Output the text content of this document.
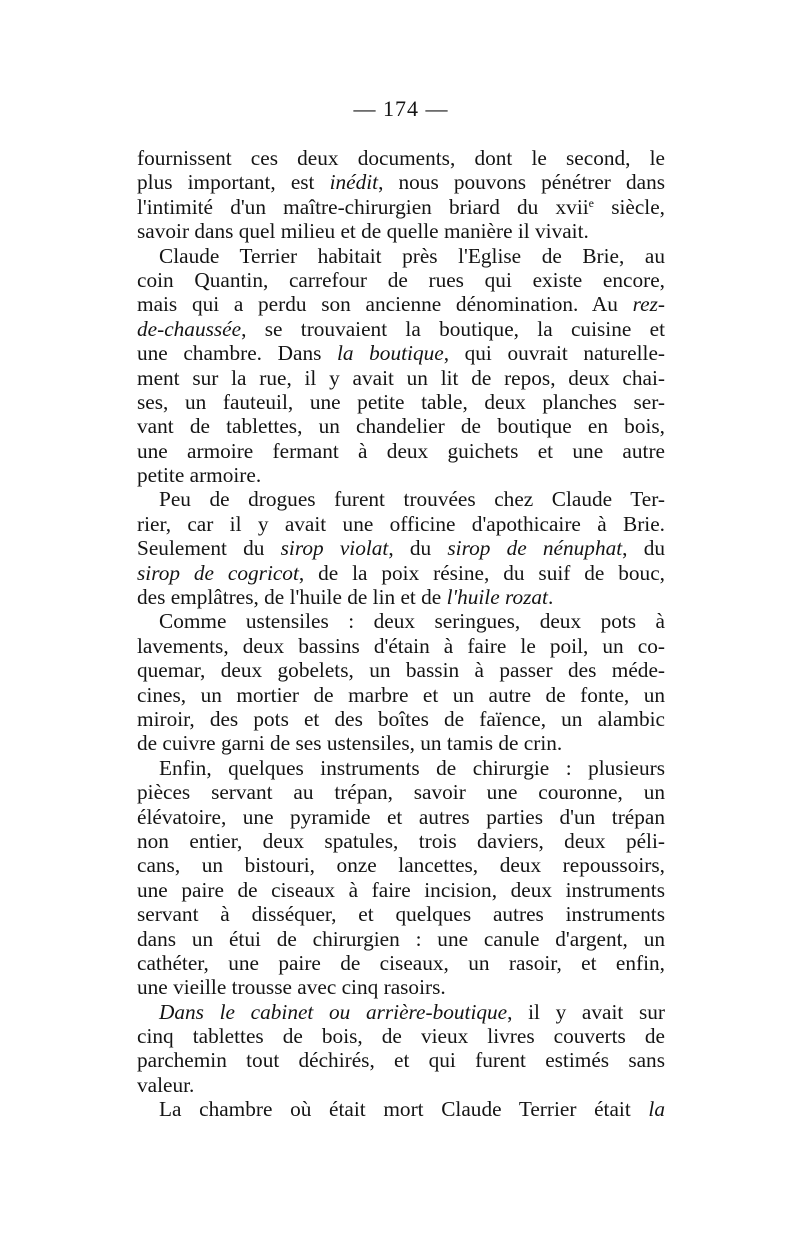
— 174 —
fournissent ces deux documents, dont le second, le
plus important, est inédit, nous pouvons pénétrer dans
l'intimité d'un maître-chirurgien briard du xvii$^e$ siècle,
savoir dans quel milieu et de quelle manière il vivait.
Claude Terrier habitait près l'Eglise de Brie, au
coin Quantin, carrefour de rues qui existe encore,
mais qui a perdu son ancienne dénomination. Au rez-
de-chaussée, se trouvaient la boutique, la cuisine et
une chambre. Dans la boutique, qui ouvrait naturelle-
ment sur la rue, il y avait un lit de repos, deux chai-
ses, un fauteuil, une petite table, deux planches ser-
vant de tablettes, un chandelier de boutique en bois,
une armoire fermant à deux guichets et une autre
petite armoire.
Peu de drogues furent trouvées chez Claude Ter-
rier, car il y avait une officine d'apothicaire à Brie.
Seulement du sirop violat, du sirop de nénuphat, du
sirop de cogricot, de la poix résine, du suif de bouc,
des emplâtres, de l'huile de lin et de l'huile rozat.
Comme ustensiles : deux seringues, deux pots à
lavements, deux bassins d'étain à faire le poil, un co-
quemar, deux gobelets, un bassin à passer des méde-
cines, un mortier de marbre et un autre de fonte, un
miroir, des pots et des boîtes de faïence, un alambic
de cuivre garni de ses ustensiles, un tamis de crin.
Enfin, quelques instruments de chirurgie : plusieurs
pièces servant au trépan, savoir une couronne, un
élévatoire, une pyramide et autres parties d'un trépan
non entier, deux spatules, trois daviers, deux péli-
cans, un bistouri, onze lancettes, deux repoussoirs,
une paire de ciseaux à faire incision, deux instruments
servant à disséquer, et quelques autres instruments
dans un étui de chirurgien : une canule d'argent, un
cathéter, une paire de ciseaux, un rasoir, et enfin,
une vieille trousse avec cinq rasoirs.
Dans le cabinet ou arrière-boutique, il y avait sur
cinq tablettes de bois, de vieux livres couverts de
parchemin tout déchirés, et qui furent estimés sans
valeur.
La chambre où était mort Claude Terrier était la
